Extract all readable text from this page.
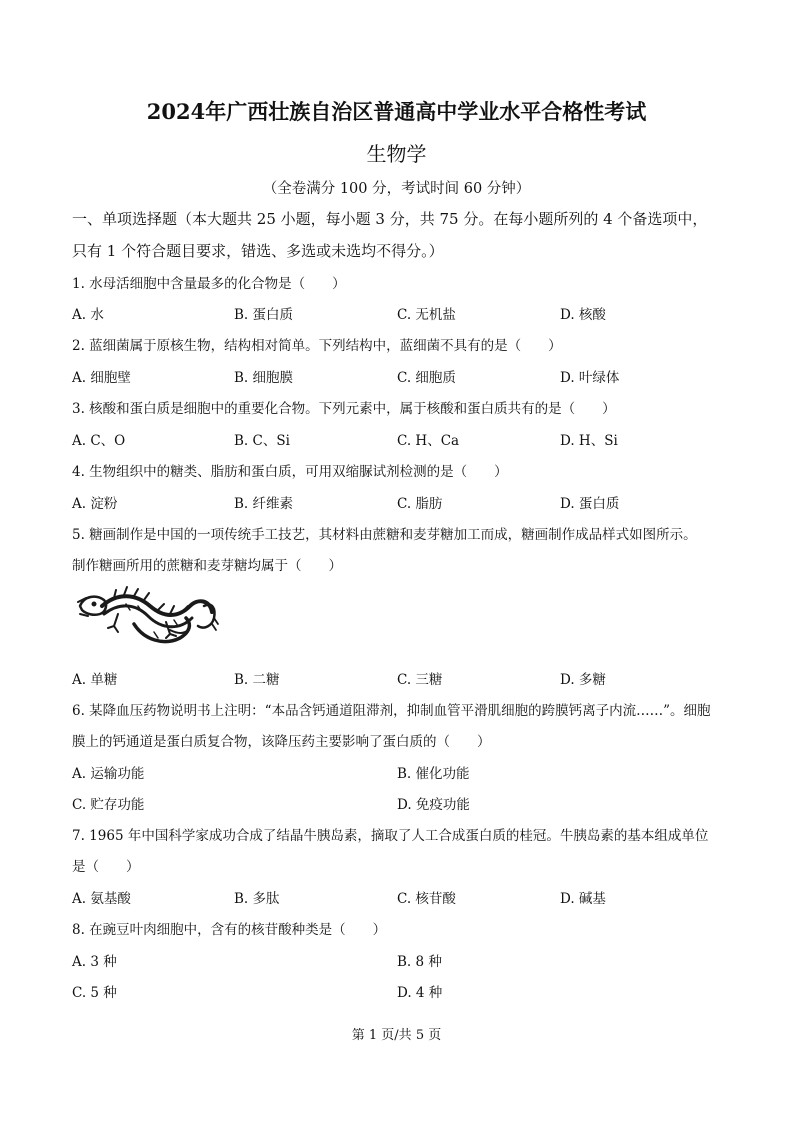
2024年广西壮族自治区普通高中学业水平合格性考试
生物学
（全卷满分 100 分，考试时间 60 分钟）
一、单项选择题（本大题共 25 小题，每小题 3 分，共 75 分。在每小题所列的 4 个备选项中，
只有 1 个符合题目要求，错选、多选或未选均不得分。）
1. 水母活细胞中含量最多的化合物是（　　）
A. 水	B. 蛋白质	C. 无机盐	D. 核酸
2. 蓝细菌属于原核生物，结构相对简单。下列结构中，蓝细菌不具有的是（　　）
A. 细胞壁	B. 细胞膜	C. 细胞质	D. 叶绿体
3. 核酸和蛋白质是细胞中的重要化合物。下列元素中，属于核酸和蛋白质共有的是（　　）
A. C、O	B. C、Si	C. H、Ca	D. H、Si
4. 生物组织中的糖类、脂肪和蛋白质，可用双缩脲试剂检测的是（　　）
A. 淀粉	B. 纤维素	C. 脂肪	D. 蛋白质
5. 糖画制作是中国的一项传统手工技艺，其材料由蔗糖和麦芽糖加工而成，糖画制作成品样式如图所示。
制作糖画所用的蔗糖和麦芽糖均属于（　　）
A. 单糖	B. 二糖	C. 三糖	D. 多糖
6. 某降血压药物说明书上注明：“本品含钙通道阻滞剂，抑制血管平滑肌细胞的跨膜钙离子内流……”。细胞
膜上的钙通道是蛋白质复合物，该降压药主要影响了蛋白质的（　　）
A. 运输功能	B. 催化功能
C. 贮存功能	D. 免疫功能
7. 1965 年中国科学家成功合成了结晶牛胰岛素，摘取了人工合成蛋白质的桂冠。牛胰岛素的基本组成单位
是（　　）
A. 氨基酸	B. 多肽	C. 核苷酸	D. 碱基
8. 在豌豆叶肉细胞中，含有的核苷酸种类是（　　）
A. 3 种	B. 8 种
C. 5 种	D. 4 种
第 1 页/共 5 页
